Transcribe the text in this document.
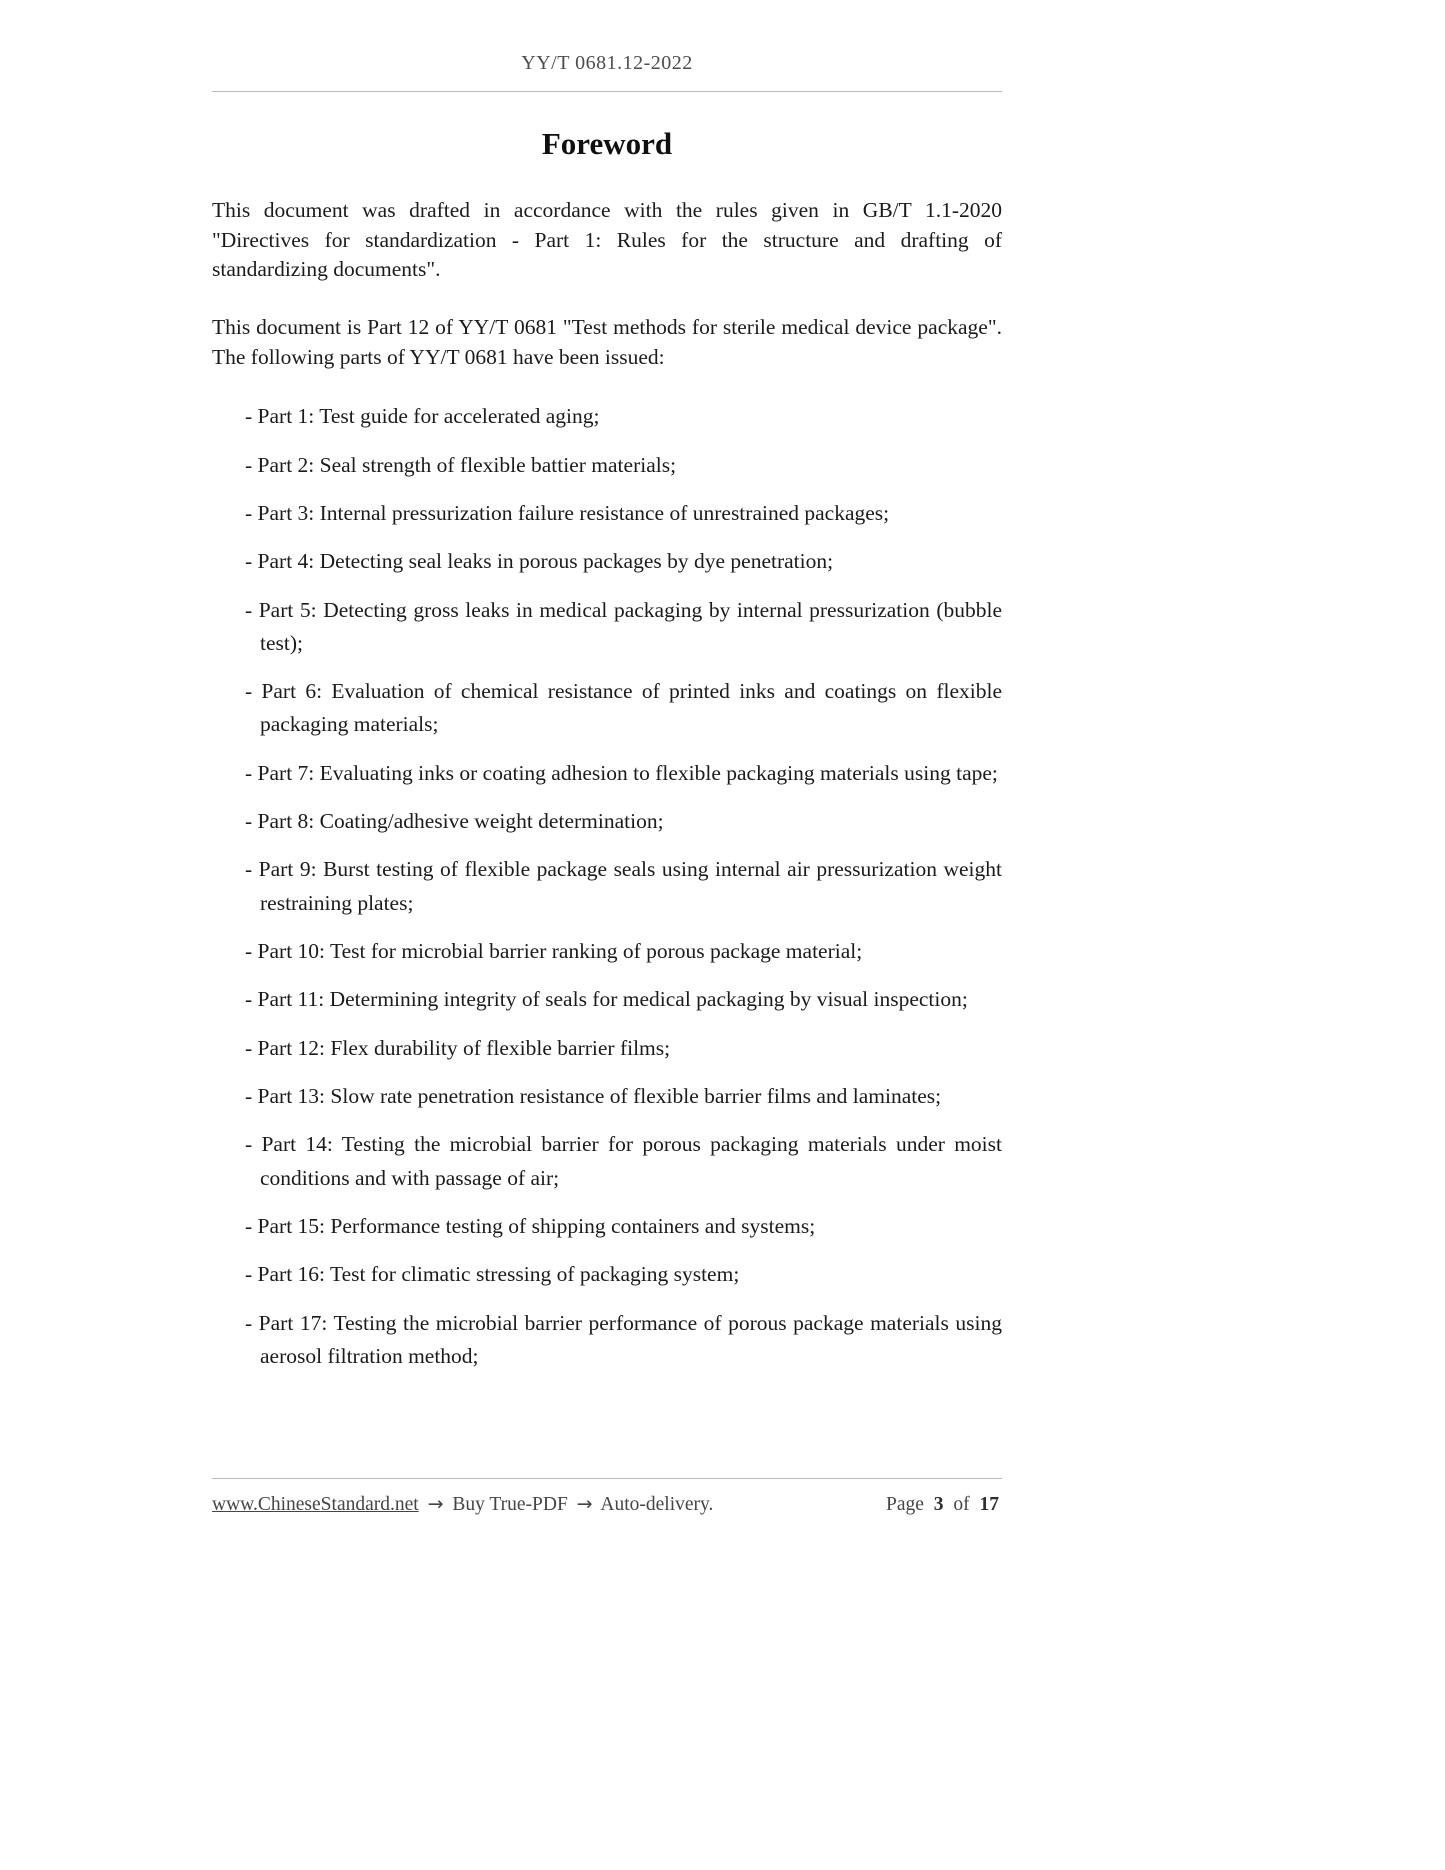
YY/T 0681.12-2022
Foreword

This document was drafted in accordance with the rules given in GB/T 1.1-2020 "Directives for standardization - Part 1: Rules for the structure and drafting of standardizing documents".

This document is Part 12 of YY/T 0681 "Test methods for sterile medical device package". The following parts of YY/T 0681 have been issued:

- Part 1: Test guide for accelerated aging;
- Part 2: Seal strength of flexible battier materials;
- Part 3: Internal pressurization failure resistance of unrestrained packages;
- Part 4: Detecting seal leaks in porous packages by dye penetration;
- Part 5: Detecting gross leaks in medical packaging by internal pressurization (bubble test);
- Part 6: Evaluation of chemical resistance of printed inks and coatings on flexible packaging materials;
- Part 7: Evaluating inks or coating adhesion to flexible packaging materials using tape;
- Part 8: Coating/adhesive weight determination;
- Part 9: Burst testing of flexible package seals using internal air pressurization weight restraining plates;
- Part 10: Test for microbial barrier ranking of porous package material;
- Part 11: Determining integrity of seals for medical packaging by visual inspection;
- Part 12: Flex durability of flexible barrier films;
- Part 13: Slow rate penetration resistance of flexible barrier films and laminates;
- Part 14: Testing the microbial barrier for porous packaging materials under moist conditions and with passage of air;
- Part 15: Performance testing of shipping containers and systems;
- Part 16: Test for climatic stressing of packaging system;
- Part 17: Testing the microbial barrier performance of porous package materials using aerosol filtration method;
www.ChineseStandard.net → Buy True-PDF → Auto-delivery.	Page 3 of 17
